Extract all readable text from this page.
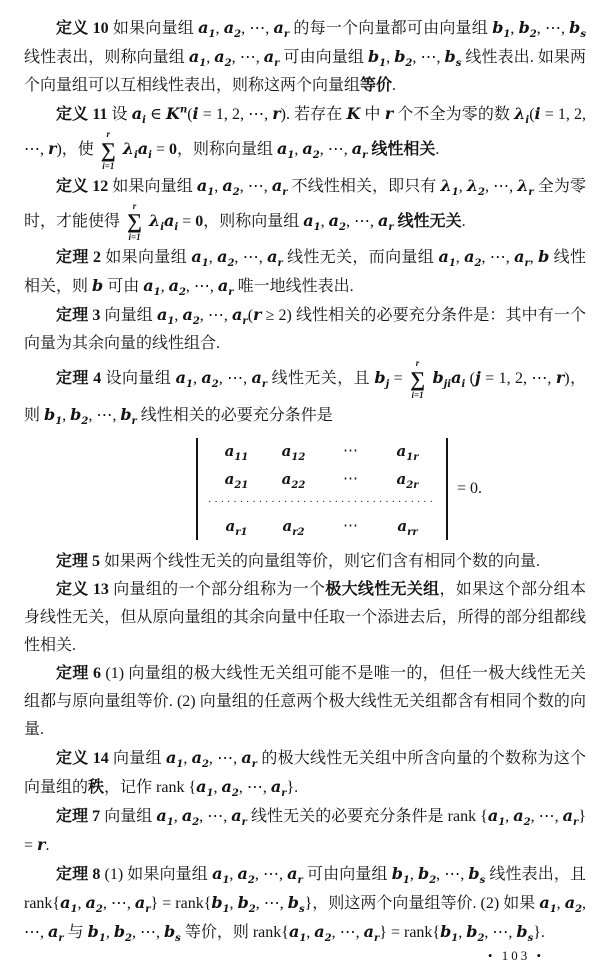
定义 10 如果向量组 $a_1$, $a_2$, ⋯, $a_r$ 的每一个向量都可由向量组 $b_1$, $b_2$, ⋯, $b_s$ 线性表出，则称向量组 $a_1$, $a_2$, ⋯, $a_r$ 可由向量组 $b_1$, $b_2$, ⋯, $b_s$ 线性表出. 如果两个向量组可以互相线性表出，则称这两个向量组等价.

定义 11 设 $a_i$ ∈ $K^n(i = 1$, 2, ⋯, r). 若存在 K 中 r 个不全为零的数 $\lambda_i(i = 1$, 2, ⋯, r)，使
r
∑
i=1
$\lambda_ia_i = 0$，则称向量组 $a_1$, $a_2$, ⋯, $a_r$ 线性相关.

定义 12 如果向量组 $a_1$, $a_2$, ⋯, $a_r$ 不线性相关，即只有 $\lambda_1$, $\lambda_2$, ⋯, $\lambda_r$ 全为零时，才能使得
r
∑
i=1
$\lambda_ia_i = 0$，则称向量组 $a_1$, $a_2$, ⋯, $a_r$ 线性无关.

定理 2 如果向量组 $a_1$, $a_2$, ⋯, $a_r$ 线性无关，而向量组 $a_1$, $a_2$, ⋯, $a_r$, b 线性相关，则 b 可由 $a_1$, $a_2$, ⋯, $a_r$ 唯一地线性表出.

定理 3 向量组 $a_1$, $a_2$, ⋯, $a_r(r \ge 2)$ 线性相关的必要充分条件是：其中有一个向量为其余向量的线性组合.

定理 4 设向量组 $a_1$, $a_2$, ⋯, $a_r$ 线性无关，且 $b_j$ =
r
∑
i=1
$b_{ji}a_i$ (j = 1, 2, ⋯, r)，则 $b_1$, $b_2$, ⋯, $b_r$ 线性相关的必要充分条件是

$a_{11}$	$a_{12}$	⋯	$a_{1r}$
$a_{21}$	$a_{22}$	⋯	$a_{2r}$
····································
$a_{r1}$	$a_{r2}$	⋯	$a_{rr}$
= 0.

定理 5 如果两个线性无关的向量组等价，则它们含有相同个数的向量.

定义 13 向量组的一个部分组称为一个极大线性无关组，如果这个部分组本身线性无关，但从原向量组的其余向量中任取一个添进去后，所得的部分组都线性相关.

定理 6 (1) 向量组的极大线性无关组可能不是唯一的，但任一极大线性无关组都与原向量组等价. (2) 向量组的任意两个极大线性无关组都含有相同个数的向量.

定义 14 向量组 $a_1$, $a_2$, ⋯, $a_r$ 的极大线性无关组中所含向量的个数称为这个向量组的秩，记作 rank {$a_1$, $a_2$, ⋯, $a_r$}.

定理 7 向量组 $a_1$, $a_2$, ⋯, $a_r$ 线性无关的必要充分条件是 rank {$a_1$, $a_2$, ⋯, $a_r\} = r$.

定理 8 (1) 如果向量组 $a_1$, $a_2$, ⋯, $a_r$ 可由向量组 $b_1$, $b_2$, ⋯, $b_s$ 线性表出，且 $rank\{a_1$, $a_2$, ⋯, $a_r$} = $rank\{b_1$, $b_2$, ⋯, $b_s$}，则这两个向量组等价. (2) 如果 $a_1$, $a_2$, ⋯, $a_r$ 与 $b_1$, $b_2$, ⋯, $b_s$ 等价，则 $rank\{a_1$, $a_2$, ⋯, $a_r$} = $rank\{b_1$, $b_2$, ⋯, $b_s$}.

• 103 •
